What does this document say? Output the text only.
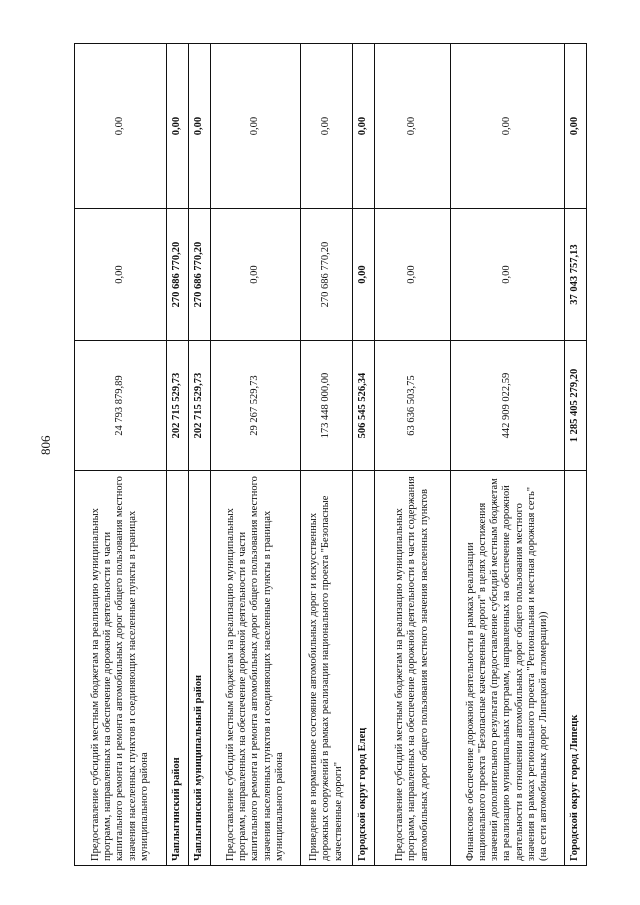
806
Предоставление субсидий местным бюджетам на реализацию муниципальных программ, направленных на обеспечение дорожной деятельности в части капитального ремонта и ремонта автомобильных дорог общего пользования местного значения населенных пунктов и соединяющих населенные пункты в границах муниципального района	24 793 879,89	0,00	0,00
Чаплыгинский район	202 715 529,73	270 686 770,20	0,00
Чаплыгинский муниципальный район	202 715 529,73	270 686 770,20	0,00
Предоставление субсидий местным бюджетам на реализацию муниципальных программ, направленных на обеспечение дорожной деятельности в части капитального ремонта и ремонта автомобильных дорог общего пользования местного значения населенных пунктов и соединяющих населенные пункты в границах муниципального района	29 267 529,73	0,00	0,00
Приведение в нормативное состояние автомобильных дорог и искусственных дорожных сооружений в рамках реализации национального проекта "Безопасные качественные дороги"	173 448 000,00	270 686 770,20	0,00
Городской округ город Елец	506 545 526,34	0,00	0,00
Предоставление субсидий местным бюджетам на реализацию муниципальных программ, направленных на обеспечение дорожной деятельности в части содержания автомобильных дорог общего пользования местного значения населенных пунктов	63 636 503,75	0,00	0,00
Финансовое обеспечение дорожной деятельности в рамках реализации национального проекта "Безопасные качественные дороги" в целях достижения значений дополнительного результата (предоставление субсидий местным бюджетам на реализацию муниципальных программ, направленных на обеспечение дорожной деятельности в отношении автомобильных дорог общего пользования местного значения в рамках регионального проекта "Региональная и местная дорожная сеть" (на сети автомобильных дорог Липецкой агломерации))	442 909 022,59	0,00	0,00
Городской округ город Липецк	1 285 405 279,20	37 043 757,13	0,00
